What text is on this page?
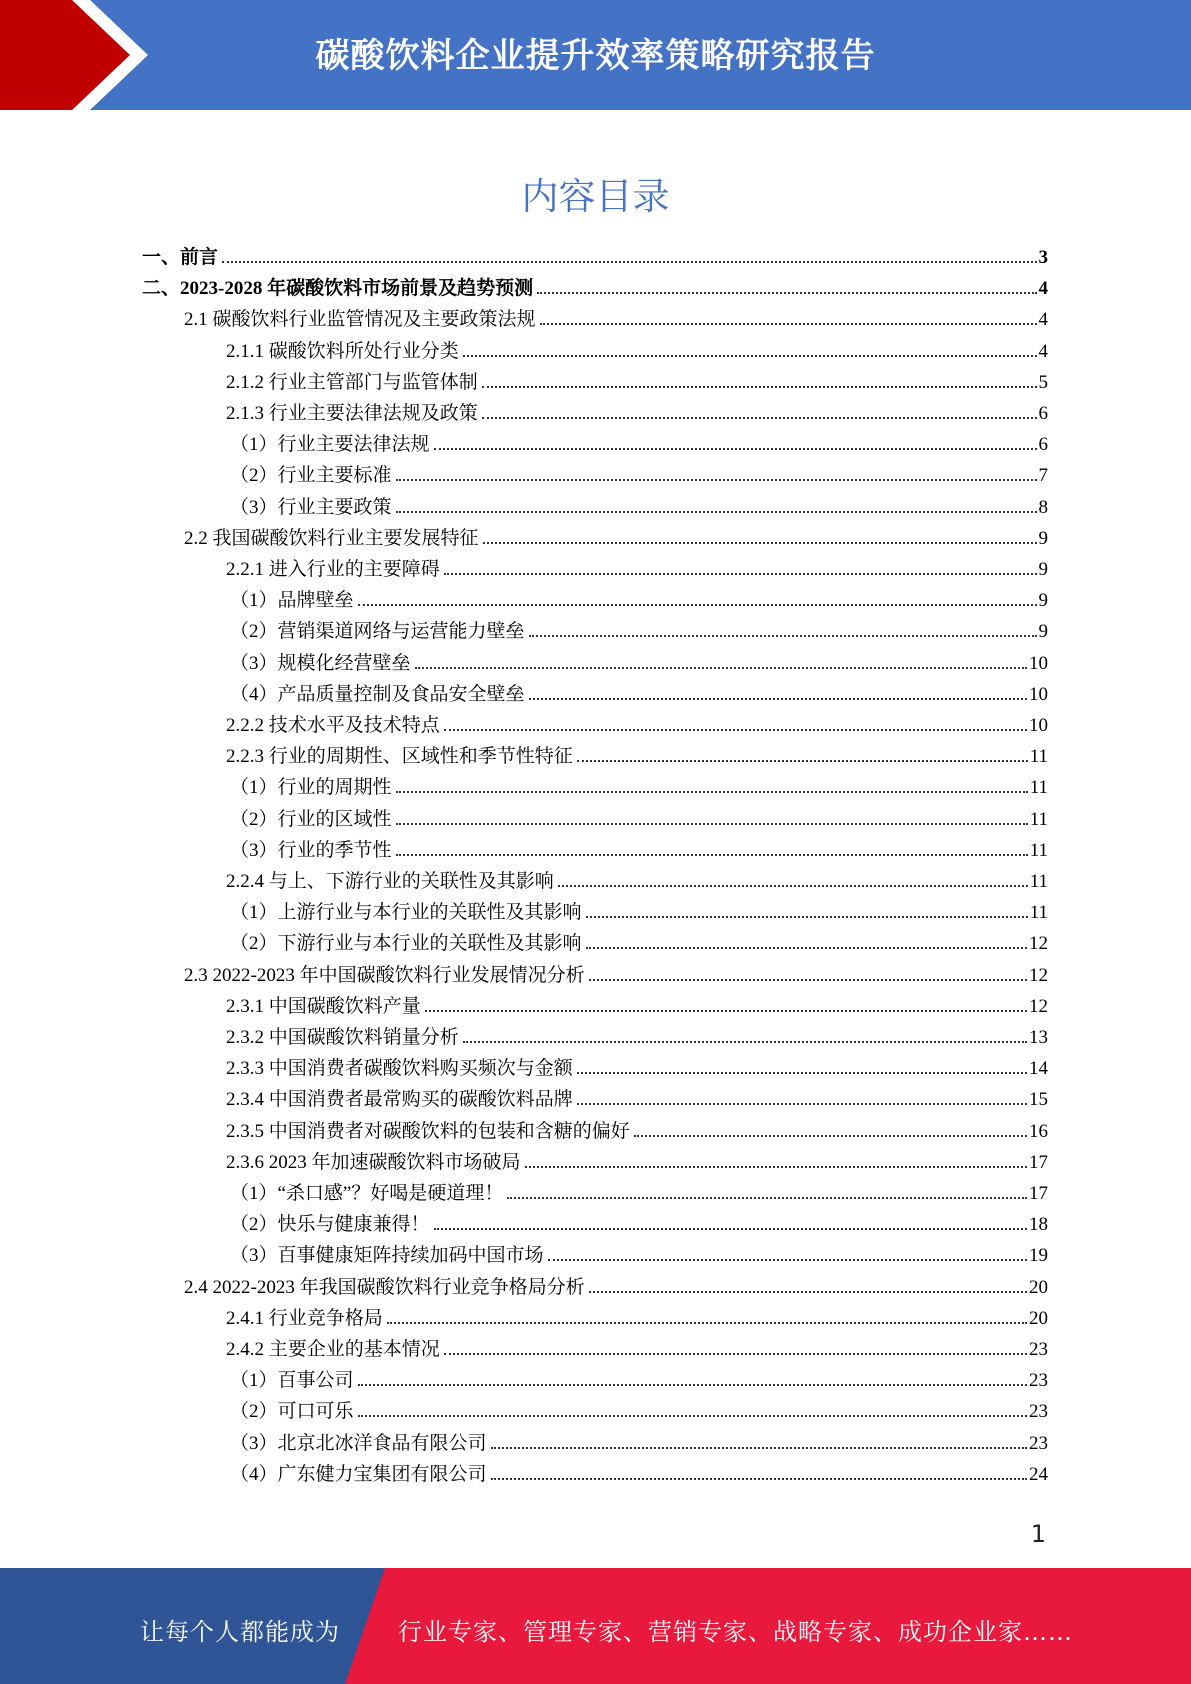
碳酸饮料企业提升效率策略研究报告
内容目录
一、前言	3
二、2023-2028 年碳酸饮料市场前景及趋势预测	4
2.1 碳酸饮料行业监管情况及主要政策法规	4
2.1.1 碳酸饮料所处行业分类	4
2.1.2 行业主管部门与监管体制	5
2.1.3 行业主要法律法规及政策	6
（1）行业主要法律法规	6
（2）行业主要标准	7
（3）行业主要政策	8
2.2 我国碳酸饮料行业主要发展特征	9
2.2.1 进入行业的主要障碍	9
（1）品牌壁垒	9
（2）营销渠道网络与运营能力壁垒	9
（3）规模化经营壁垒	10
（4）产品质量控制及食品安全壁垒	10
2.2.2 技术水平及技术特点	10
2.2.3 行业的周期性、区域性和季节性特征	11
（1）行业的周期性	11
（2）行业的区域性	11
（3）行业的季节性	11
2.2.4 与上、下游行业的关联性及其影响	11
（1）上游行业与本行业的关联性及其影响	11
（2）下游行业与本行业的关联性及其影响	12
2.3 2022-2023 年中国碳酸饮料行业发展情况分析	12
2.3.1 中国碳酸饮料产量	12
2.3.2 中国碳酸饮料销量分析	13
2.3.3 中国消费者碳酸饮料购买频次与金额	14
2.3.4 中国消费者最常购买的碳酸饮料品牌	15
2.3.5 中国消费者对碳酸饮料的包装和含糖的偏好	16
2.3.6 2023 年加速碳酸饮料市场破局	17
（1）“杀口感”？好喝是硬道理！	17
（2）快乐与健康兼得！	18
（3）百事健康矩阵持续加码中国市场	19
2.4 2022-2023 年我国碳酸饮料行业竞争格局分析	20
2.4.1 行业竞争格局	20
2.4.2 主要企业的基本情况	23
（1）百事公司	23
（2）可口可乐	23
（3）北京北冰洋食品有限公司	23
（4）广东健力宝集团有限公司	24
1
让每个人都能成为 行业专家、管理专家、营销专家、战略专家、成功企业家……
